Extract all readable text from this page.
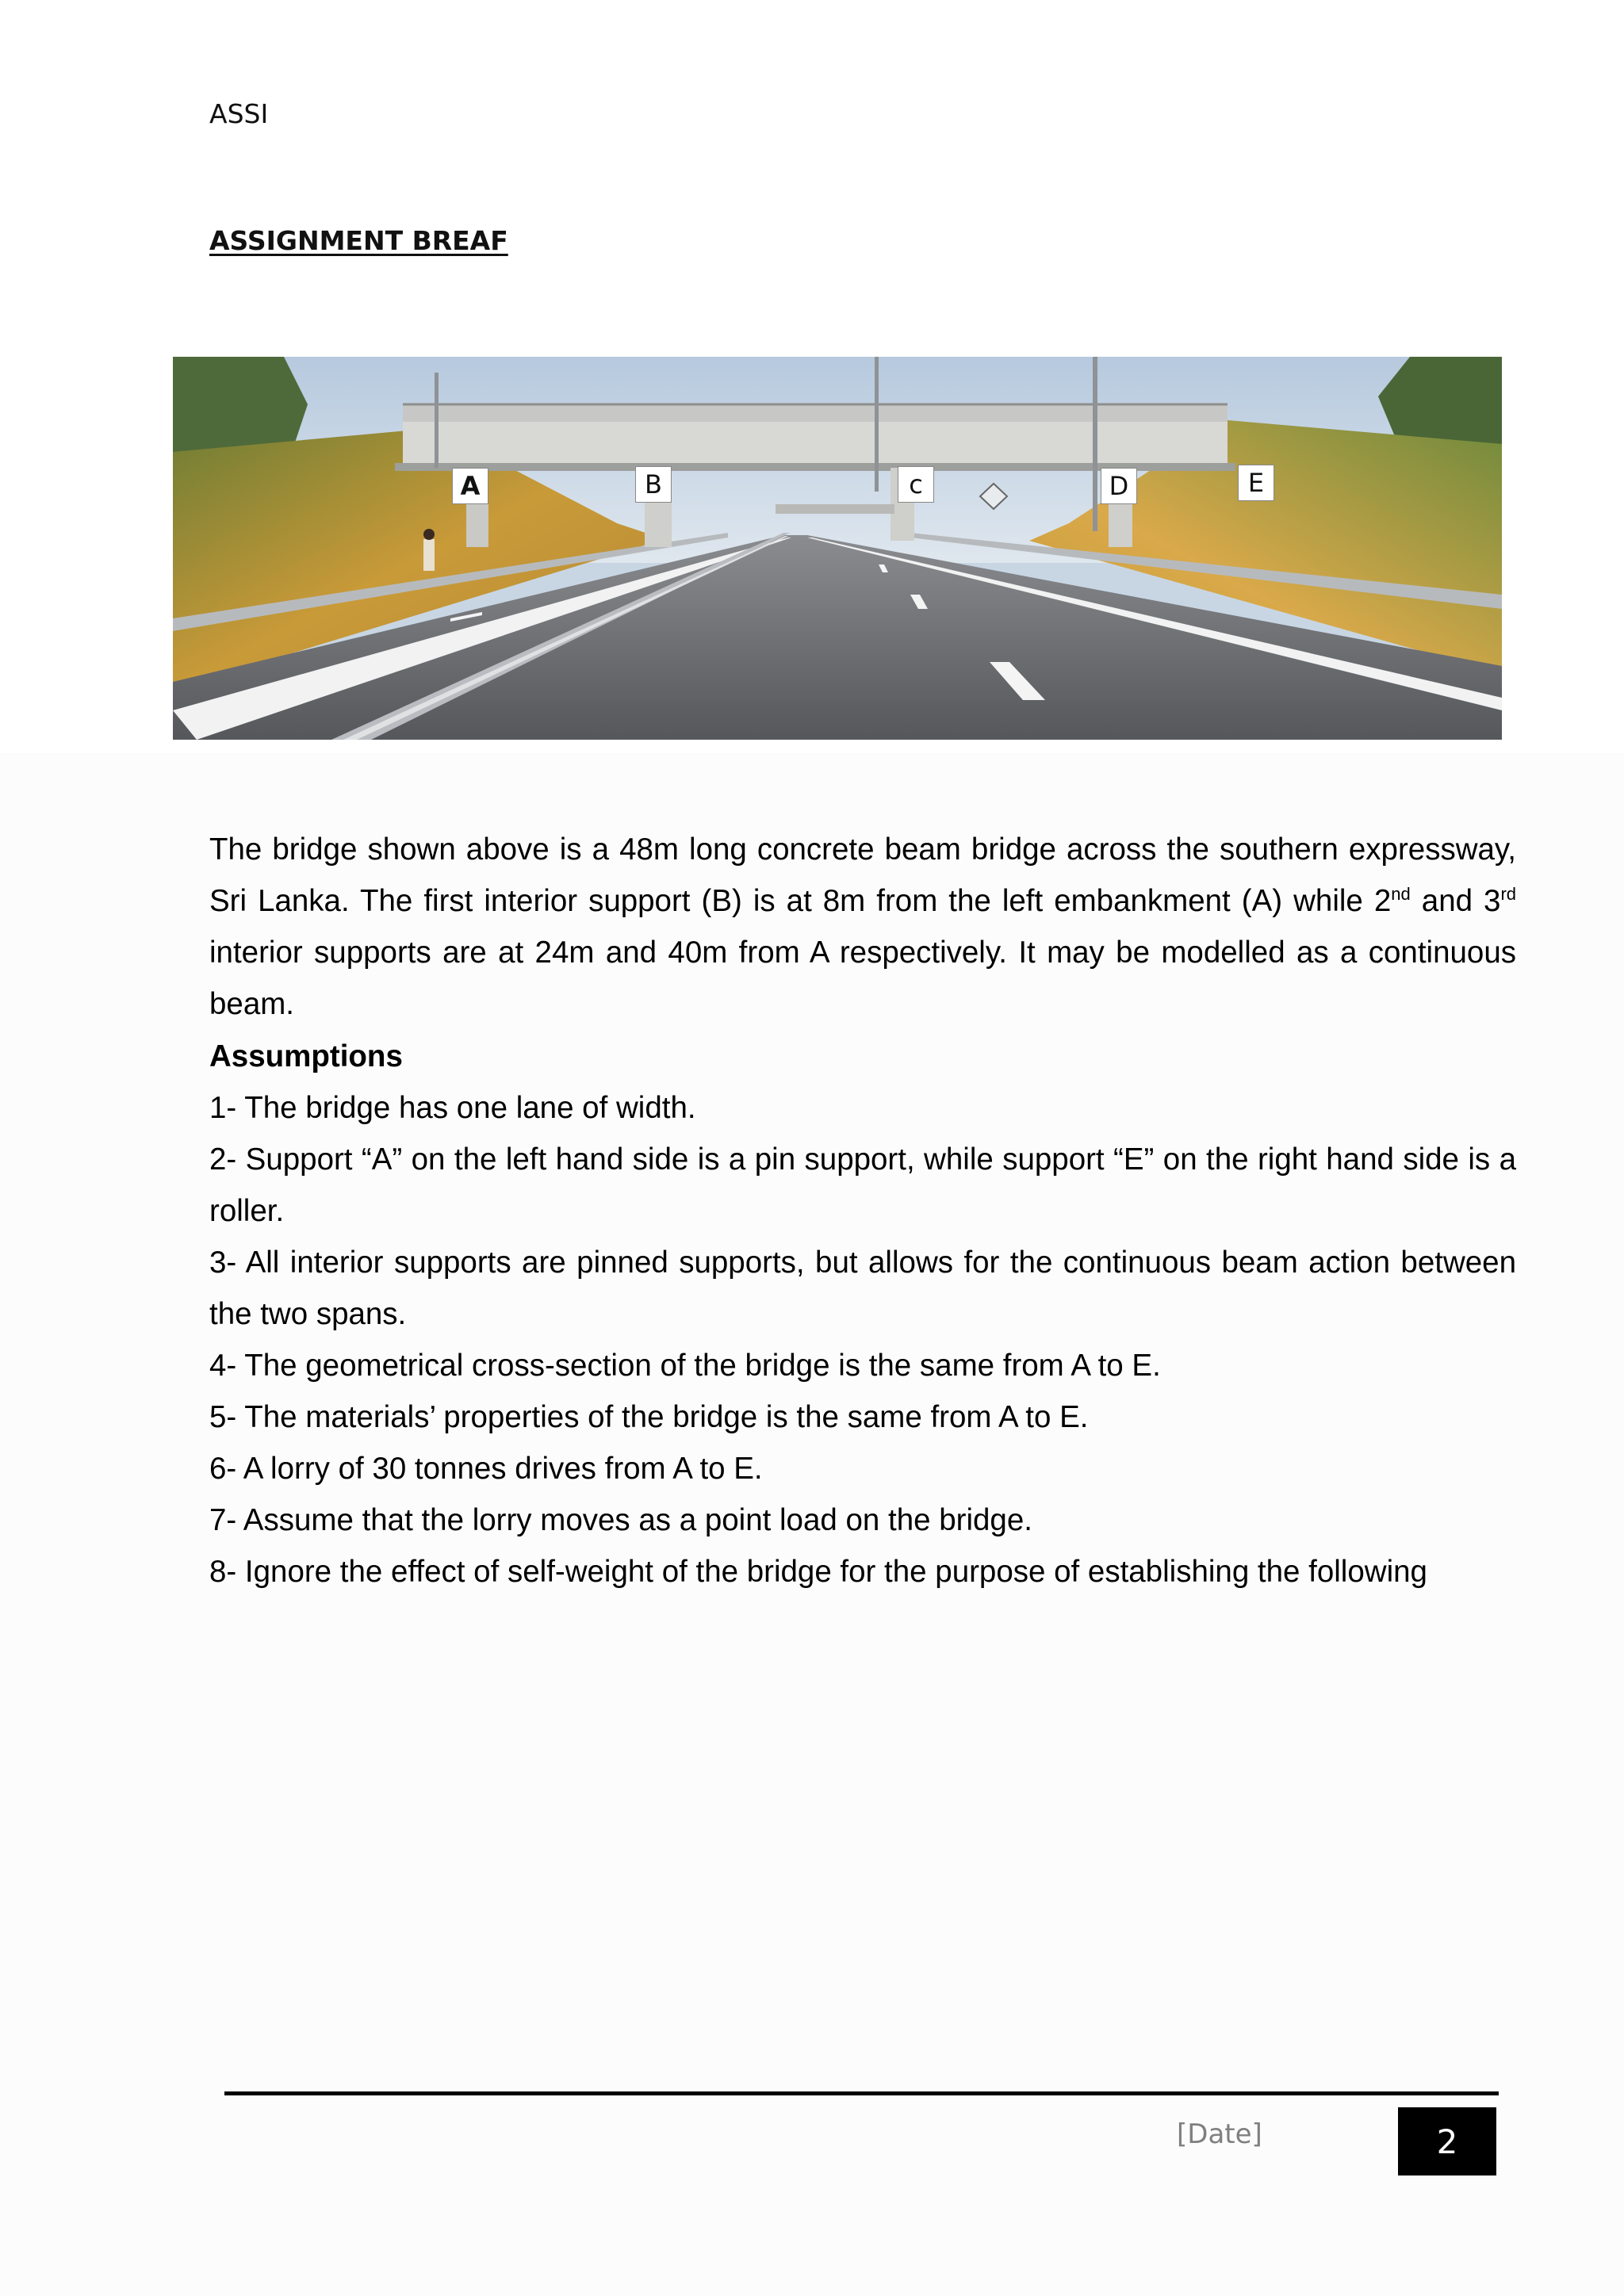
ASSI
ASSIGNMENT BREAF
A	B	c	D	E

The bridge shown above is a 48m long concrete beam bridge across the southern expressway, Sri Lanka. The first interior support (B) is at 8m from the left embankment (A) while 2nd and 3rd interior supports are at 24m and 40m from A respectively. It may be modelled as a continuous beam.

Assumptions

1- The bridge has one lane of width.

2- Support “A” on the left hand side is a pin support, while support “E” on the right hand side is a roller.

3- All interior supports are pinned supports, but allows for the continuous beam action between the two spans.

4- The geometrical cross-section of the bridge is the same from A to E.

5- The materials’ properties of the bridge is the same from A to E.

6- A lorry of 30 tonnes drives from A to E.

7- Assume that the lorry moves as a point load on the bridge.

8- Ignore the effect of self-weight of the bridge for the purpose of establishing the following

[Date]	2
